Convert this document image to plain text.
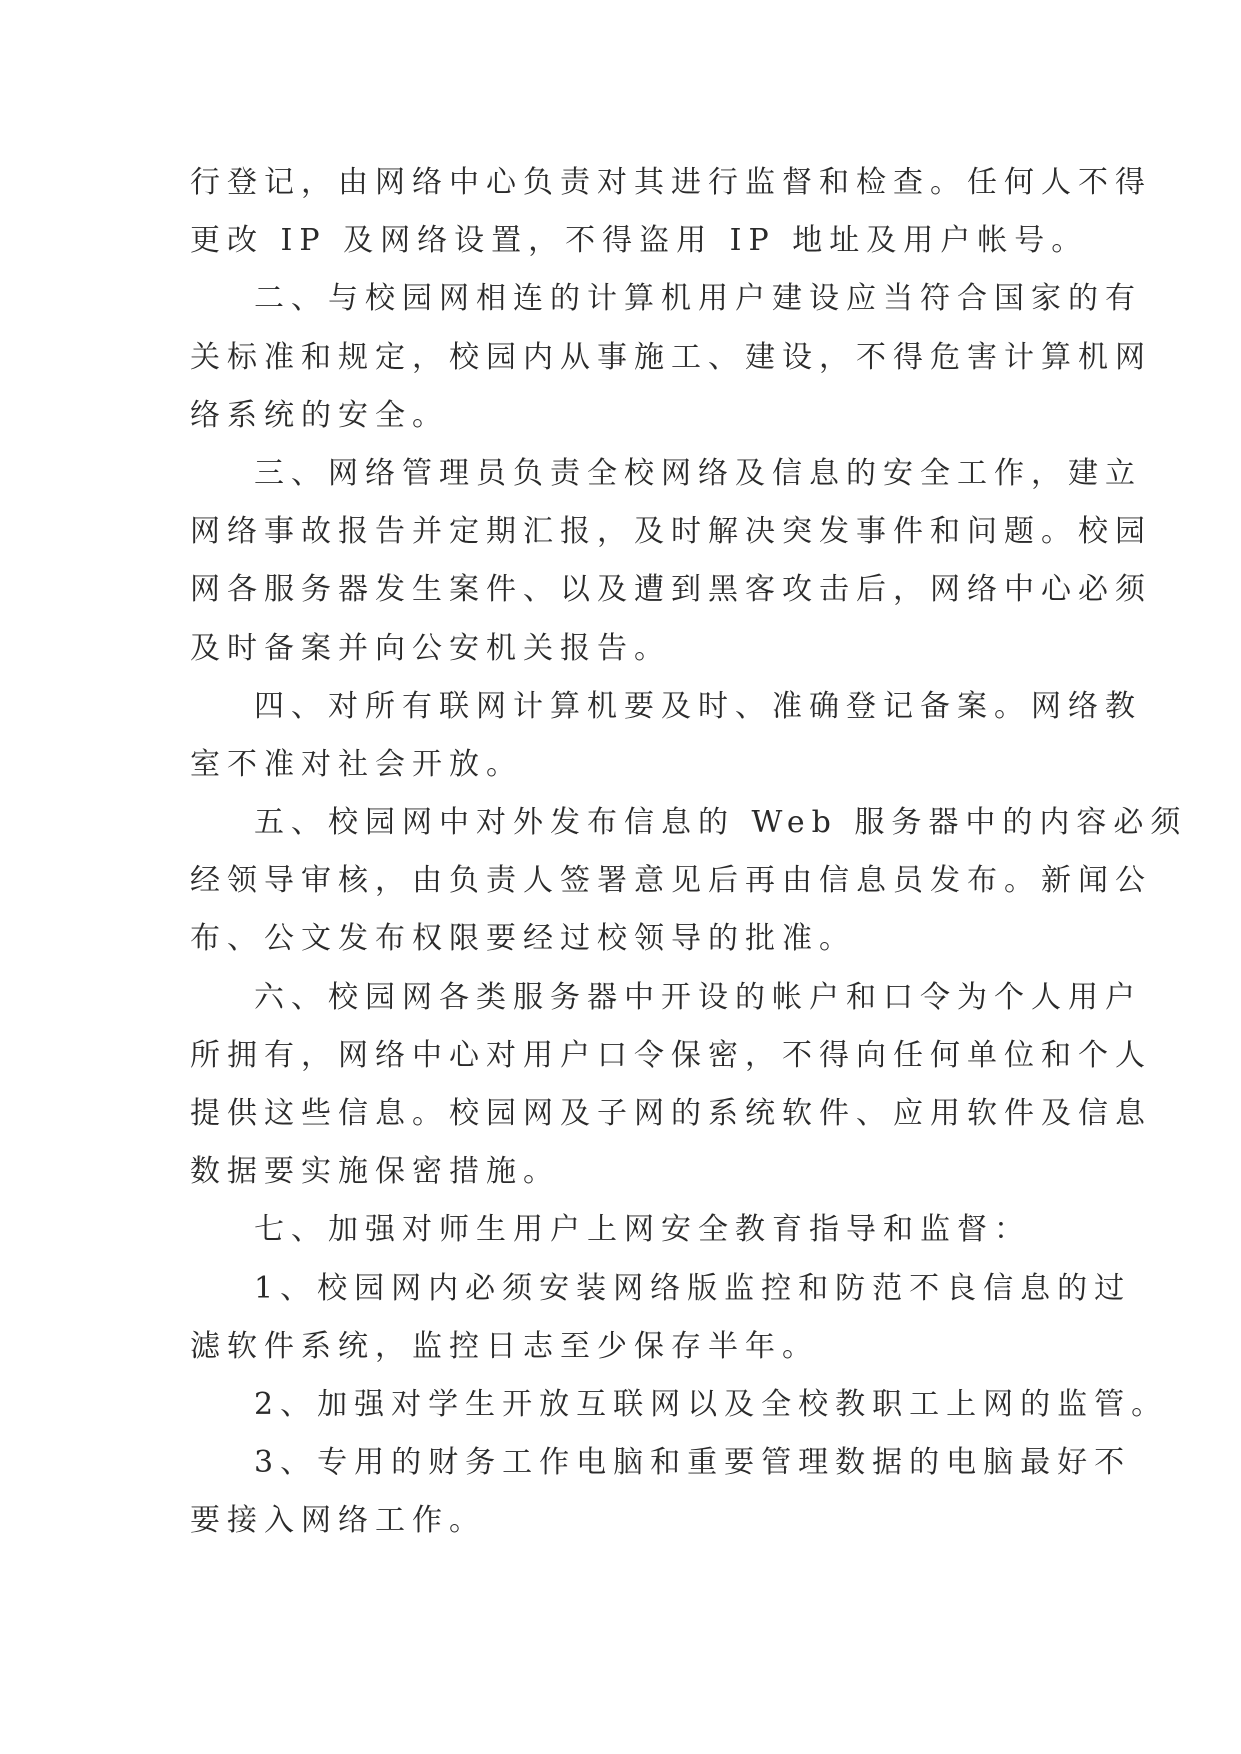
行登记，由网络中心负责对其进行监督和检查。任何人不得
更改 IP 及网络设置，不得盗用 IP 地址及用户帐号。
二、与校园网相连的计算机用户建设应当符合国家的有
关标准和规定，校园内从事施工、建设，不得危害计算机网
络系统的安全。
三、网络管理员负责全校网络及信息的安全工作，建立
网络事故报告并定期汇报，及时解决突发事件和问题。校园
网各服务器发生案件、以及遭到黑客攻击后，网络中心必须
及时备案并向公安机关报告。
四、对所有联网计算机要及时、准确登记备案。网络教
室不准对社会开放。
五、校园网中对外发布信息的 Web 服务器中的内容必须
经领导审核，由负责人签署意见后再由信息员发布。新闻公
布、公文发布权限要经过校领导的批准。
六、校园网各类服务器中开设的帐户和口令为个人用户
所拥有，网络中心对用户口令保密，不得向任何单位和个人
提供这些信息。校园网及子网的系统软件、应用软件及信息
数据要实施保密措施。
七、加强对师生用户上网安全教育指导和监督：
1、校园网内必须安装网络版监控和防范不良信息的过
滤软件系统，监控日志至少保存半年。
2、加强对学生开放互联网以及全校教职工上网的监管。
3、专用的财务工作电脑和重要管理数据的电脑最好不
要接入网络工作。
